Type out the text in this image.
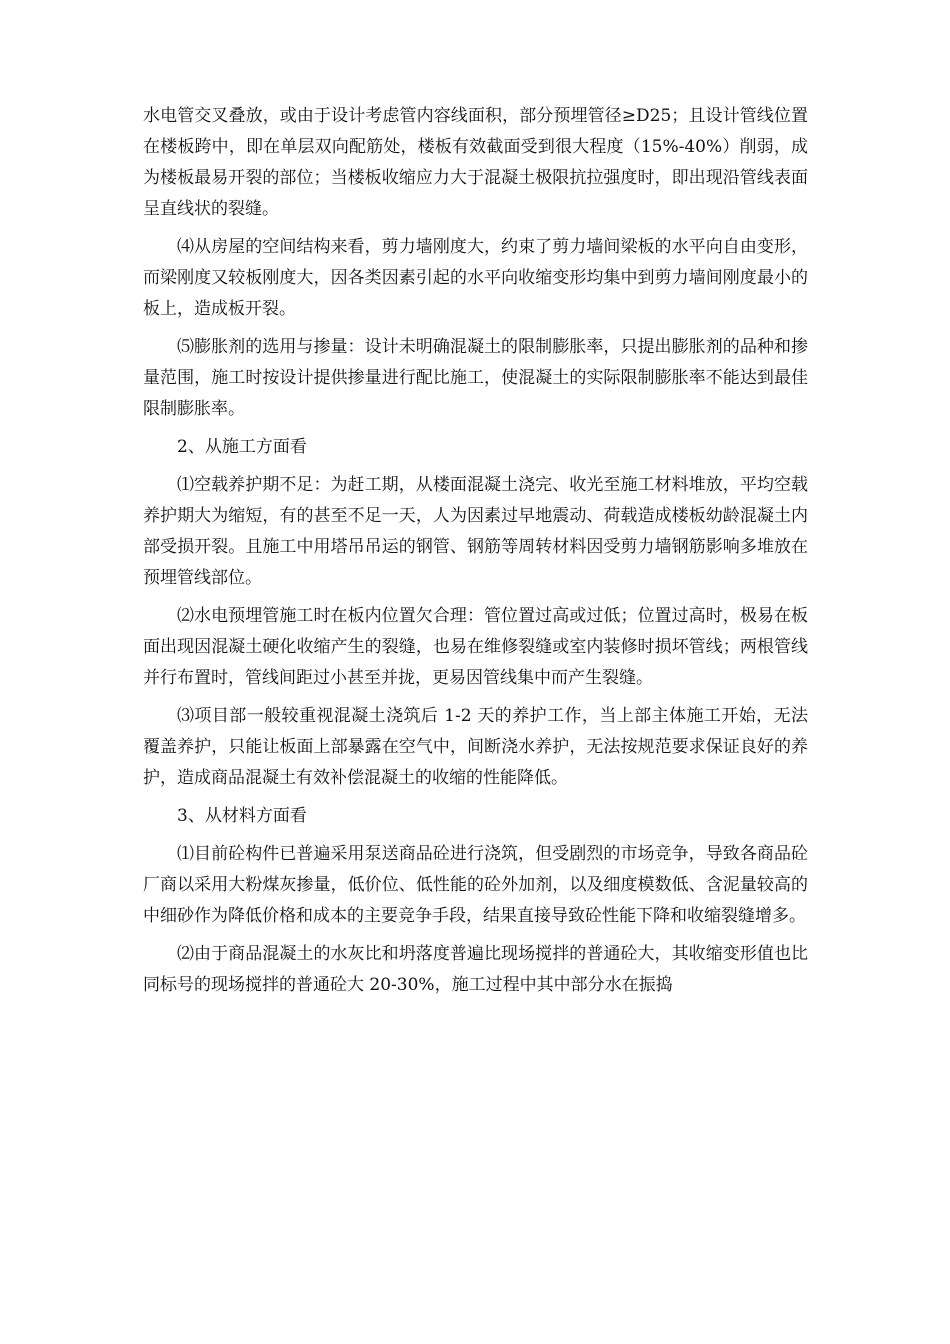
水电管交叉叠放，或由于设计考虑管内容线面积，部分预埋管径≥D25；且设计管线位置在楼板跨中，即在单层双向配筋处，楼板有效截面受到很大程度（15%-40%）削弱，成为楼板最易开裂的部位；当楼板收缩应力大于混凝土极限抗拉强度时，即出现沿管线表面呈直线状的裂缝。

⑷从房屋的空间结构来看，剪力墙刚度大，约束了剪力墙间梁板的水平向自由变形，而梁刚度又较板刚度大，因各类因素引起的水平向收缩变形均集中到剪力墙间刚度最小的板上，造成板开裂。

⑸膨胀剂的选用与掺量：设计未明确混凝土的限制膨胀率，只提出膨胀剂的品种和掺量范围，施工时按设计提供掺量进行配比施工，使混凝土的实际限制膨胀率不能达到最佳限制膨胀率。

2、从施工方面看

⑴空载养护期不足：为赶工期，从楼面混凝土浇完、收光至施工材料堆放，平均空载养护期大为缩短，有的甚至不足一天，人为因素过早地震动、荷载造成楼板幼龄混凝土内部受损开裂。且施工中用塔吊吊运的钢管、钢筋等周转材料因受剪力墙钢筋影响多堆放在预埋管线部位。

⑵水电预埋管施工时在板内位置欠合理：管位置过高或过低；位置过高时，极易在板面出现因混凝土硬化收缩产生的裂缝，也易在维修裂缝或室内装修时损坏管线；两根管线并行布置时，管线间距过小甚至并拢，更易因管线集中而产生裂缝。

⑶项目部一般较重视混凝土浇筑后 1-2 天的养护工作，当上部主体施工开始，无法覆盖养护，只能让板面上部暴露在空气中，间断浇水养护，无法按规范要求保证良好的养护，造成商品混凝土有效补偿混凝土的收缩的性能降低。

3、从材料方面看

⑴目前砼构件已普遍采用泵送商品砼进行浇筑，但受剧烈的市场竞争，导致各商品砼厂商以采用大粉煤灰掺量，低价位、低性能的砼外加剂，以及细度模数低、含泥量较高的中细砂作为降低价格和成本的主要竞争手段，结果直接导致砼性能下降和收缩裂缝增多。

⑵由于商品混凝土的水灰比和坍落度普遍比现场搅拌的普通砼大，其收缩变形值也比同标号的现场搅拌的普通砼大 20-30%，施工过程中其中部分水在振捣
